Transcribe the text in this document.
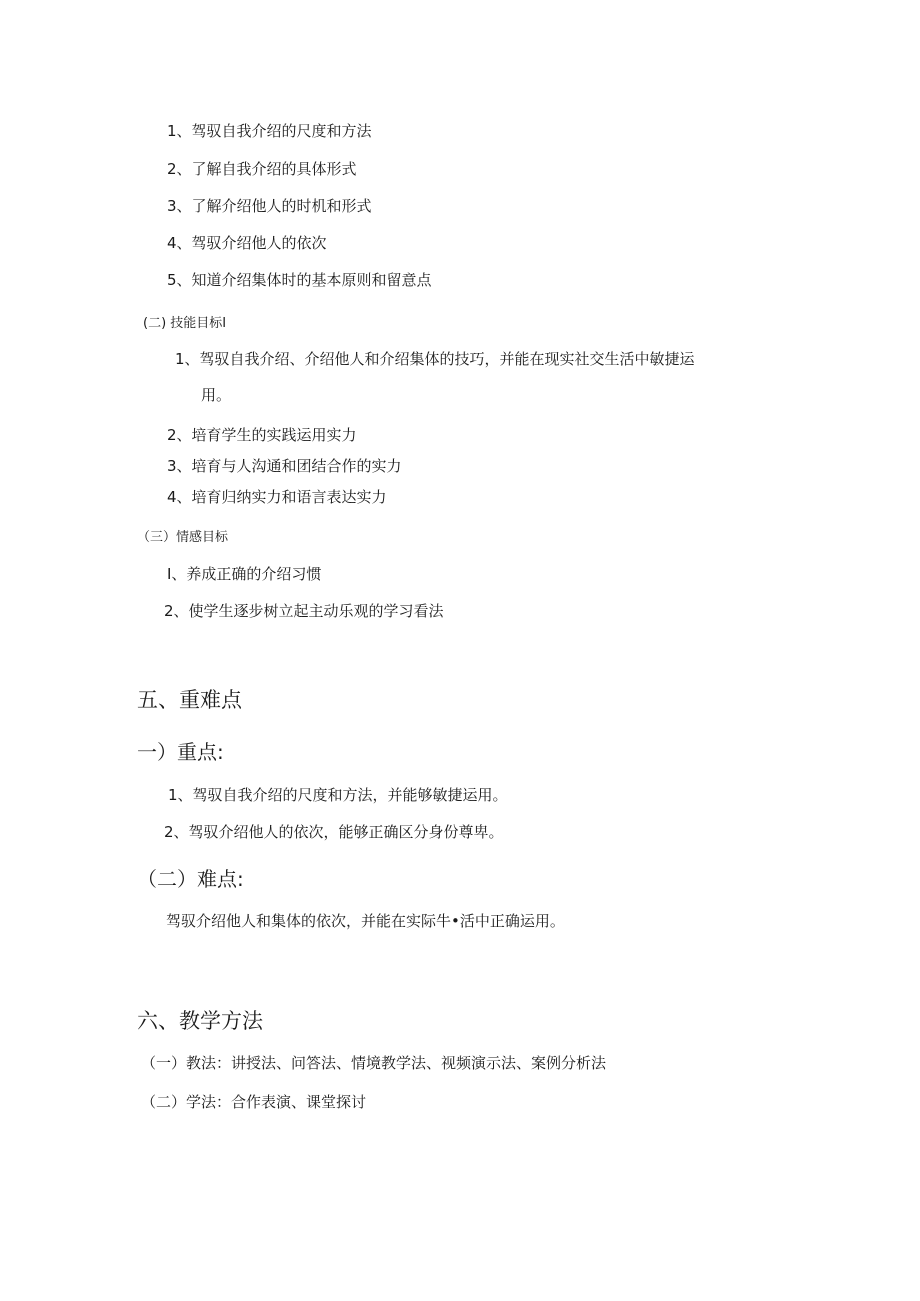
1、驾驭自我介绍的尺度和方法
2、了解自我介绍的具体形式
3、了解介绍他人的时机和形式
4、驾驭介绍他人的依次
5、知道介绍集体时的基本原则和留意点
(二) 技能目标I
1、驾驭自我介绍、介绍他人和介绍集体的技巧，并能在现实社交生活中敏捷运
用。
2、培育学生的实践运用实力
3、培育与人沟通和团结合作的实力
4、培育归纳实力和语言表达实力
（三）情感目标
I、养成正确的介绍习惯
2、使学生逐步树立起主动乐观的学习看法
五、重难点
一）重点:
1、驾驭自我介绍的尺度和方法，并能够敏捷运用。
2、驾驭介绍他人的依次，能够正确区分身份尊卑。
（二）难点:
驾驭介绍他人和集体的依次，并能在实际牛•活中正确运用。
六、教学方法
（一）教法：讲授法、问答法、情境教学法、视频演示法、案例分析法
（二）学法：合作表演、课堂探讨
